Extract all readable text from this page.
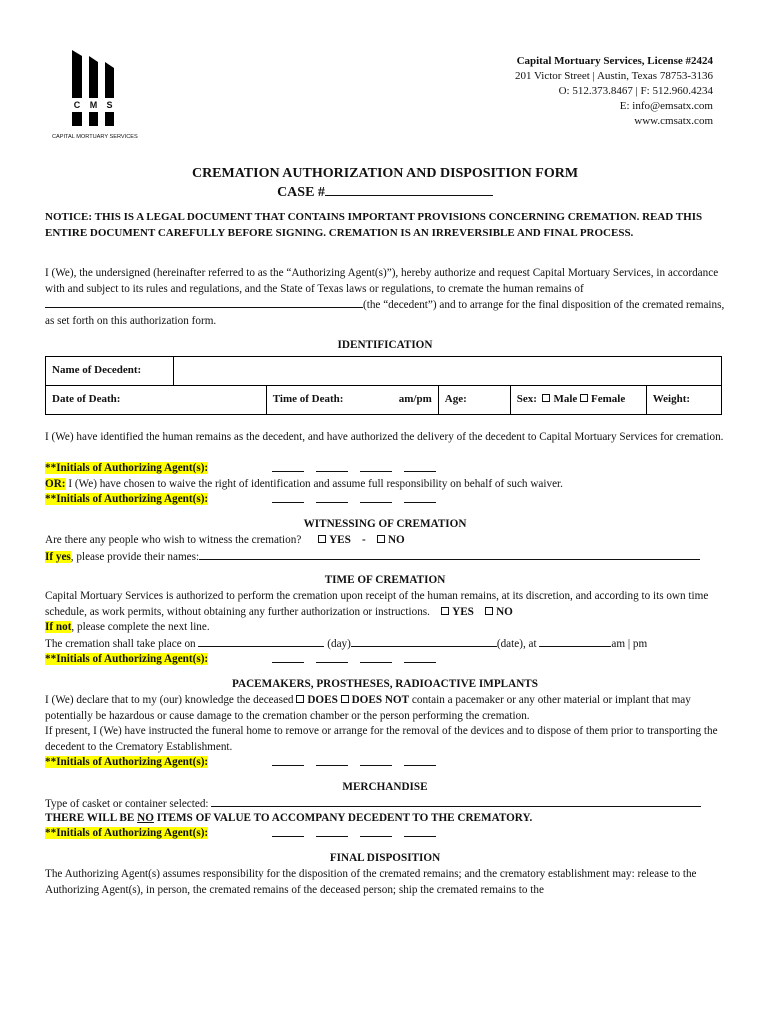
C M S
CAPITAL MORTUARY SERVICES
Capital Mortuary Services, License #2424
201 Victor Street | Austin, Texas 78753-3136
O: 512.373.8467 | F: 512.960.4234
E: info@emsatx.com
www.cmsatx.com
CREMATION AUTHORIZATION AND DISPOSITION FORM
CASE #
NOTICE: THIS IS A LEGAL DOCUMENT THAT CONTAINS IMPORTANT PROVISIONS CONCERNING CREMATION. READ THIS ENTIRE DOCUMENT CAREFULLY BEFORE SIGNING. CREMATION IS AN IRREVERSIBLE AND FINAL PROCESS.
I (We), the undersigned (hereinafter referred to as the “Authorizing Agent(s)”), hereby authorize and request Capital Mortuary Services, in accordance with and subject to its rules and regulations, and the State of Texas laws or regulations, to cremate the human remains of (the “decedent”) and to arrange for the final disposition of the cremated remains, as set forth on this authorization form.
IDENTIFICATION
Name of Decedent:					
Date of Death:		Time of Death: am/pm	Age:	Sex: Male Female	Weight:
I (We) have identified the human remains as the decedent, and have authorized the delivery of the decedent to Capital Mortuary Services for cremation.
**Initials of Authorizing Agent(s):
OR: I (We) have chosen to waive the right of identification and assume full responsibility on behalf of such waiver.
**Initials of Authorizing Agent(s):
WITNESSING OF CREMATION
Are there any people who wish to witness the cremation? YES - NO
If yes, please provide their names:
TIME OF CREMATION
Capital Mortuary Services is authorized to perform the cremation upon receipt of the human remains, at its discretion, and according to its own time schedule, as work permits, without obtaining any further authorization or instructions. YES NO
If not, please complete the next line.
The cremation shall take place on	(day)	(date), at	am | pm
**Initials of Authorizing Agent(s):
PACEMAKERS, PROSTHESES, RADIOACTIVE IMPLANTS
I (We) declare that to my (our) knowledge the deceased DOES DOES NOT contain a pacemaker or any other material or implant that may potentially be hazardous or cause damage to the cremation chamber or the person performing the cremation.
If present, I (We) have instructed the funeral home to remove or arrange for the removal of the devices and to dispose of them prior to transporting the decedent to the Crematory Establishment.
**Initials of Authorizing Agent(s):
MERCHANDISE
Type of casket or container selected:
THERE WILL BE NO ITEMS OF VALUE TO ACCOMPANY DECEDENT TO THE CREMATORY.
**Initials of Authorizing Agent(s):
FINAL DISPOSITION
The Authorizing Agent(s) assumes responsibility for the disposition of the cremated remains; and the crematory establishment may: release to the Authorizing Agent(s), in person, the cremated remains of the deceased person; ship the cremated remains to the
